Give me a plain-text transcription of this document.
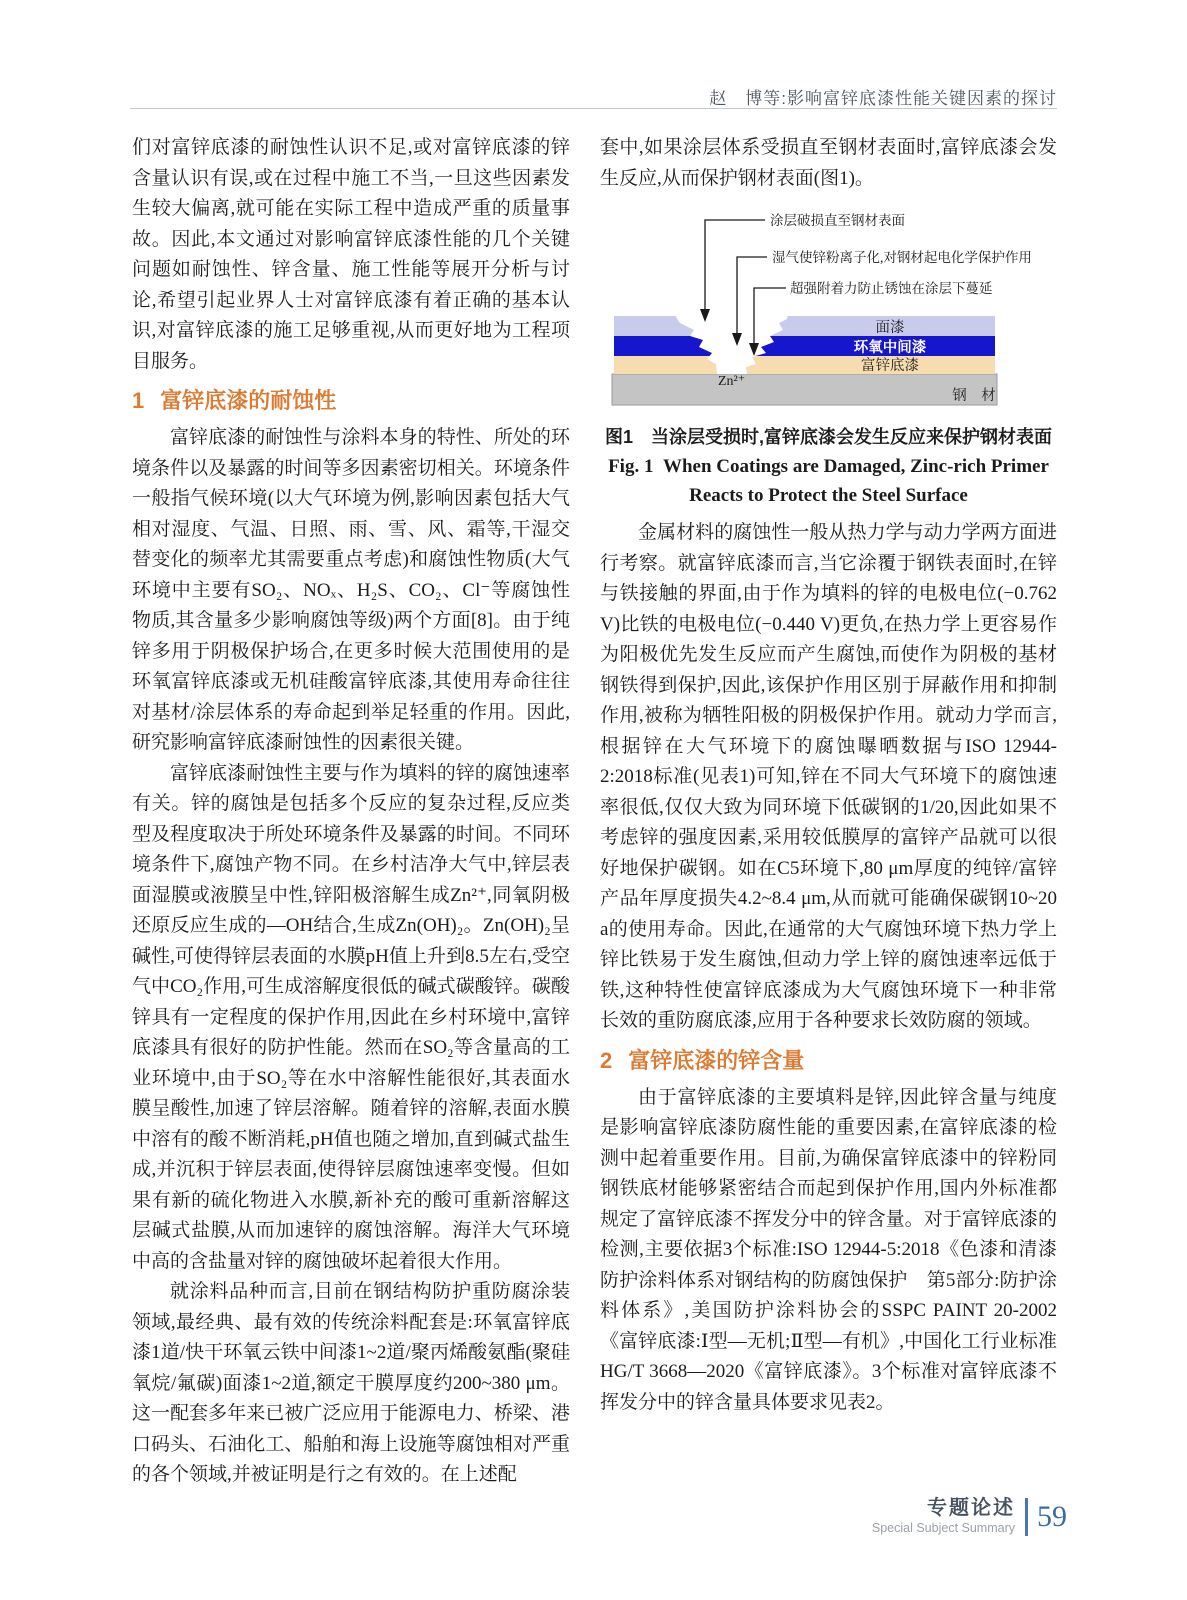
赵　博等:影响富锌底漆性能关键因素的探讨

们对富锌底漆的耐蚀性认识不足,或对富锌底漆的锌含量认识有误,或在过程中施工不当,一旦这些因素发生较大偏离,就可能在实际工程中造成严重的质量事故。因此,本文通过对影响富锌底漆性能的几个关键问题如耐蚀性、锌含量、施工性能等展开分析与讨论,希望引起业界人士对富锌底漆有着正确的基本认识,对富锌底漆的施工足够重视,从而更好地为工程项目服务。

1 富锌底漆的耐蚀性

富锌底漆的耐蚀性与涂料本身的特性、所处的环境条件以及暴露的时间等多因素密切相关。环境条件一般指气候环境(以大气环境为例,影响因素包括大气相对湿度、气温、日照、雨、雪、风、霜等,干湿交替变化的频率尤其需要重点考虑)和腐蚀性物质(大气环境中主要有SO₂、NOₓ、H₂S、CO₂、Cl⁻等腐蚀性物质,其含量多少影响腐蚀等级)两个方面[8]。由于纯锌多用于阴极保护场合,在更多时候大范围使用的是环氧富锌底漆或无机硅酸富锌底漆,其使用寿命往往对基材/涂层体系的寿命起到举足轻重的作用。因此,研究影响富锌底漆耐蚀性的因素很关键。

富锌底漆耐蚀性主要与作为填料的锌的腐蚀速率有关。锌的腐蚀是包括多个反应的复杂过程,反应类型及程度取决于所处环境条件及暴露的时间。不同环境条件下,腐蚀产物不同。在乡村洁净大气中,锌层表面湿膜或液膜呈中性,锌阳极溶解生成Zn²⁺,同氧阴极还原反应生成的—OH结合,生成Zn(OH)₂。Zn(OH)₂呈碱性,可使得锌层表面的水膜pH值上升到8.5左右,受空气中CO₂作用,可生成溶解度很低的碱式碳酸锌。碳酸锌具有一定程度的保护作用,因此在乡村环境中,富锌底漆具有很好的防护性能。然而在SO₂等含量高的工业环境中,由于SO₂等在水中溶解性能很好,其表面水膜呈酸性,加速了锌层溶解。随着锌的溶解,表面水膜中溶有的酸不断消耗,pH值也随之增加,直到碱式盐生成,并沉积于锌层表面,使得锌层腐蚀速率变慢。但如果有新的硫化物进入水膜,新补充的酸可重新溶解这层碱式盐膜,从而加速锌的腐蚀溶解。海洋大气环境中高的含盐量对锌的腐蚀破坏起着很大作用。

就涂料品种而言,目前在钢结构防护重防腐涂装领域,最经典、最有效的传统涂料配套是:环氧富锌底漆1道/快干环氧云铁中间漆1~2道/聚丙烯酸氨酯(聚硅氧烷/氟碳)面漆1~2道,额定干膜厚度约200~380 μm。这一配套多年来已被广泛应用于能源电力、桥梁、港口码头、石油化工、船舶和海上设施等腐蚀相对严重的各个领域,并被证明是行之有效的。在上述配

套中,如果涂层体系受损直至钢材表面时,富锌底漆会发生反应,从而保护钢材表面(图1)。

面漆
环氧中间漆
富锌底漆
钢　材
Zn²⁺
涂层破损直至钢材表面
湿气使锌粉离子化,对钢材起电化学保护作用
超强附着力防止锈蚀在涂层下蔓延
图1　当涂层受损时,富锌底漆会发生反应来保护钢材表面
Fig. 1  When Coatings are Damaged, Zinc-rich Primer
Reacts to Protect the Steel Surface

金属材料的腐蚀性一般从热力学与动力学两方面进行考察。就富锌底漆而言,当它涂覆于钢铁表面时,在锌与铁接触的界面,由于作为填料的锌的电极电位(−0.762 V)比铁的电极电位(−0.440 V)更负,在热力学上更容易作为阳极优先发生反应而产生腐蚀,而使作为阴极的基材钢铁得到保护,因此,该保护作用区别于屏蔽作用和抑制作用,被称为牺牲阳极的阴极保护作用。就动力学而言,根据锌在大气环境下的腐蚀曝晒数据与ISO 12944-2:2018标准(见表1)可知,锌在不同大气环境下的腐蚀速率很低,仅仅大致为同环境下低碳钢的1/20,因此如果不考虑锌的强度因素,采用较低膜厚的富锌产品就可以很好地保护碳钢。如在C5环境下,80 μm厚度的纯锌/富锌产品年厚度损失4.2~8.4 μm,从而就可能确保碳钢10~20 a的使用寿命。因此,在通常的大气腐蚀环境下热力学上锌比铁易于发生腐蚀,但动力学上锌的腐蚀速率远低于铁,这种特性使富锌底漆成为大气腐蚀环境下一种非常长效的重防腐底漆,应用于各种要求长效防腐的领域。

2 富锌底漆的锌含量

由于富锌底漆的主要填料是锌,因此锌含量与纯度是影响富锌底漆防腐性能的重要因素,在富锌底漆的检测中起着重要作用。目前,为确保富锌底漆中的锌粉同钢铁底材能够紧密结合而起到保护作用,国内外标准都规定了富锌底漆不挥发分中的锌含量。对于富锌底漆的检测,主要依据3个标准:ISO 12944-5:2018《色漆和清漆　防护涂料体系对钢结构的防腐蚀保护　第5部分:防护涂料体系》,美国防护涂料协会的SSPC PAINT 20-2002《富锌底漆:Ⅰ型—无机;Ⅱ型—有机》,中国化工行业标准HG/T 3668—2020《富锌底漆》。3个标准对富锌底漆不挥发分中的锌含量具体要求见表2。

专题论述
Special Subject Summary 59
